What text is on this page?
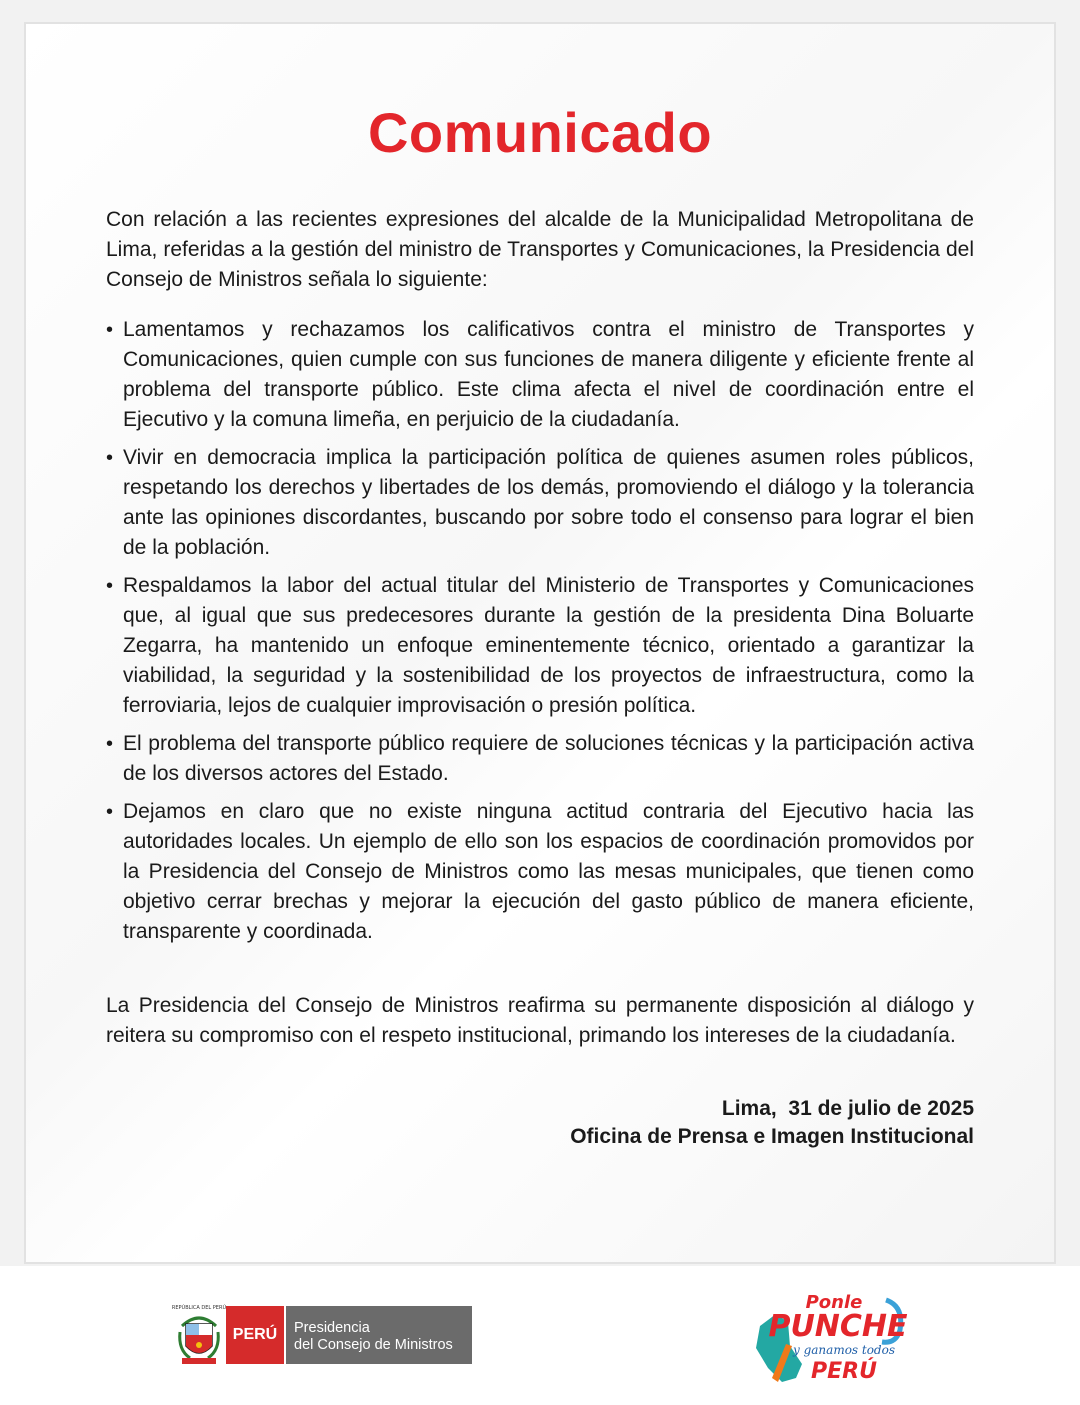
Comunicado

Con relación a las recientes expresiones del alcalde de la Municipalidad Metropolitana de Lima, referidas a la gestión del ministro de Transportes y Comunicaciones, la Presidencia del Consejo de Ministros señala lo siguiente:

• Lamentamos y rechazamos los calificativos contra el ministro de Transportes y Comunicaciones, quien cumple con sus funciones de manera diligente y eficiente frente al problema del transporte público. Este clima afecta el nivel de coordinación entre el Ejecutivo y la comuna limeña, en perjuicio de la ciudadanía.
• Vivir en democracia implica la participación política de quienes asumen roles públicos, respetando los derechos y libertades de los demás, promoviendo el diálogo y la tolerancia ante las opiniones discordantes, buscando por sobre todo el consenso para lograr el bien de la población.
• Respaldamos la labor del actual titular del Ministerio de Transportes y Comunicaciones que, al igual que sus predecesores durante la gestión de la presidenta Dina Boluarte Zegarra, ha mantenido un enfoque eminentemente técnico, orientado a garantizar la viabilidad, la seguridad y la sostenibilidad de los proyectos de infraestructura, como la ferroviaria, lejos de cualquier improvisación o presión política.
• El problema del transporte público requiere de soluciones técnicas y la participación activa de los diversos actores del Estado.
• Dejamos en claro que no existe ninguna actitud contraria del Ejecutivo hacia las autoridades locales. Un ejemplo de ello son los espacios de coordinación promovidos por la Presidencia del Consejo de Ministros como las mesas municipales, que tienen como objetivo cerrar brechas y mejorar la ejecución del gasto público de manera eficiente, transparente y coordinada.

La Presidencia del Consejo de Ministros reafirma su permanente disposición al diálogo y reitera su compromiso con el respeto institucional, primando los intereses de la ciudadanía.

Lima,  31 de julio de 2025
Oficina de Prensa e Imagen Institucional
REPÚBLICA DEL PERÚ
PERÚ	Presidencia
del Consejo de Ministros
Ponle
PUNCHE
y ganamos todos
PERÚ
